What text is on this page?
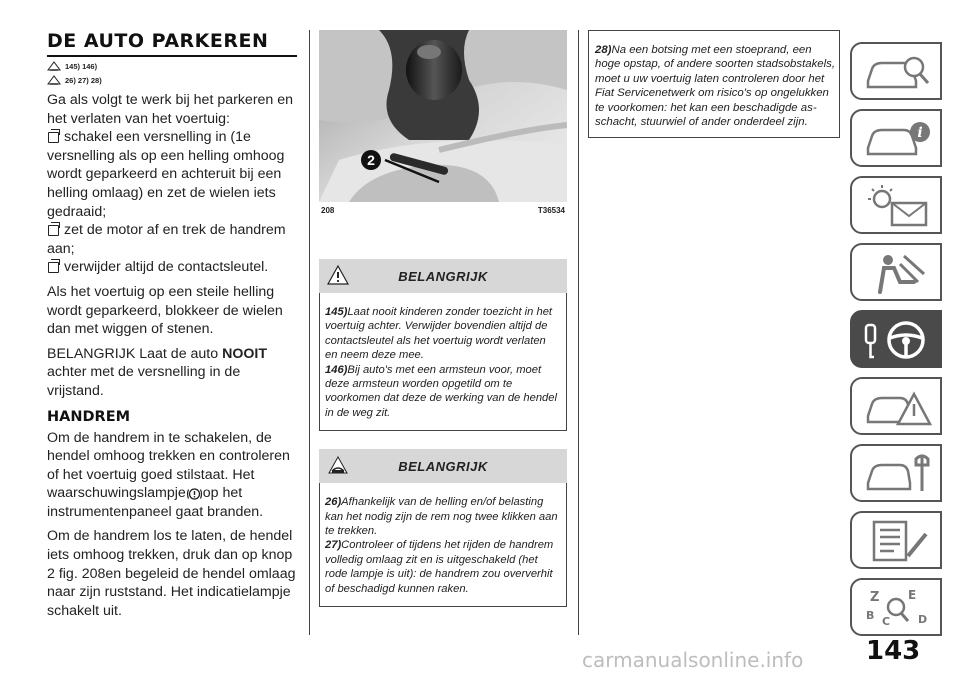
DE AUTO PARKEREN
145) 146)
26) 27) 28)

Ga als volgt te werk bij het parkeren en het verlaten van het voertuig:

schakel een versnelling in (1e

versnelling als op een helling omhoog wordt geparkeerd en achteruit bij een helling omlaag) en zet de wielen iets gedraaid;

zet de motor af en trek de handrem

aan;

verwijder altijd de contactsleutel.

Als het voertuig op een steile helling wordt geparkeerd, blokkeer de wielen dan met wiggen of stenen.

BELANGRIJK Laat de auto NOOIT achter met de versnelling in de vrijstand.

HANDREM

Om de handrem in te schakelen, de hendel omhoog trekken en controleren of het voertuig goed stilstaat. Het waarschuwingslampje op het instrumentenpaneel gaat branden.

Om de handrem los te laten, de hendel iets omhoog trekken, druk dan op knop 2 fig. 208en begeleid de hendel omlaag naar zijn ruststand. Het indicatielampje schakelt uit.

2
208	T36534
BELANGRIJK
145)Laat nooit kinderen zonder toezicht in het voertuig achter. Verwijder bovendien altijd de contactsleutel als het voertuig wordt verlaten en neem deze mee.
146)Bij auto's met een armsteun voor, moet deze armsteun worden opgetild om te voorkomen dat deze de werking van de hendel in de weg zit.
BELANGRIJK
26)Afhankelijk van de helling en/of belasting kan het nodig zijn de rem nog twee klikken aan te trekken.
27)Controleer of tijdens het rijden de handrem volledig omlaag zit en is uitgeschakeld (het rode lampje is uit): de handrem zou oververhit of beschadigd kunnen raken.
28)Na een botsing met een stoeprand, een hoge opstap, of andere soorten stadsobstakels, moet u uw voertuig laten controleren door het Fiat Servicenetwerk om risico's op ongelukken te voorkomen: het kan een beschadigde as-schacht, stuurwiel of ander onderdeel zijn.
i
Z E
B C	D
143
carmanualsonline.info
